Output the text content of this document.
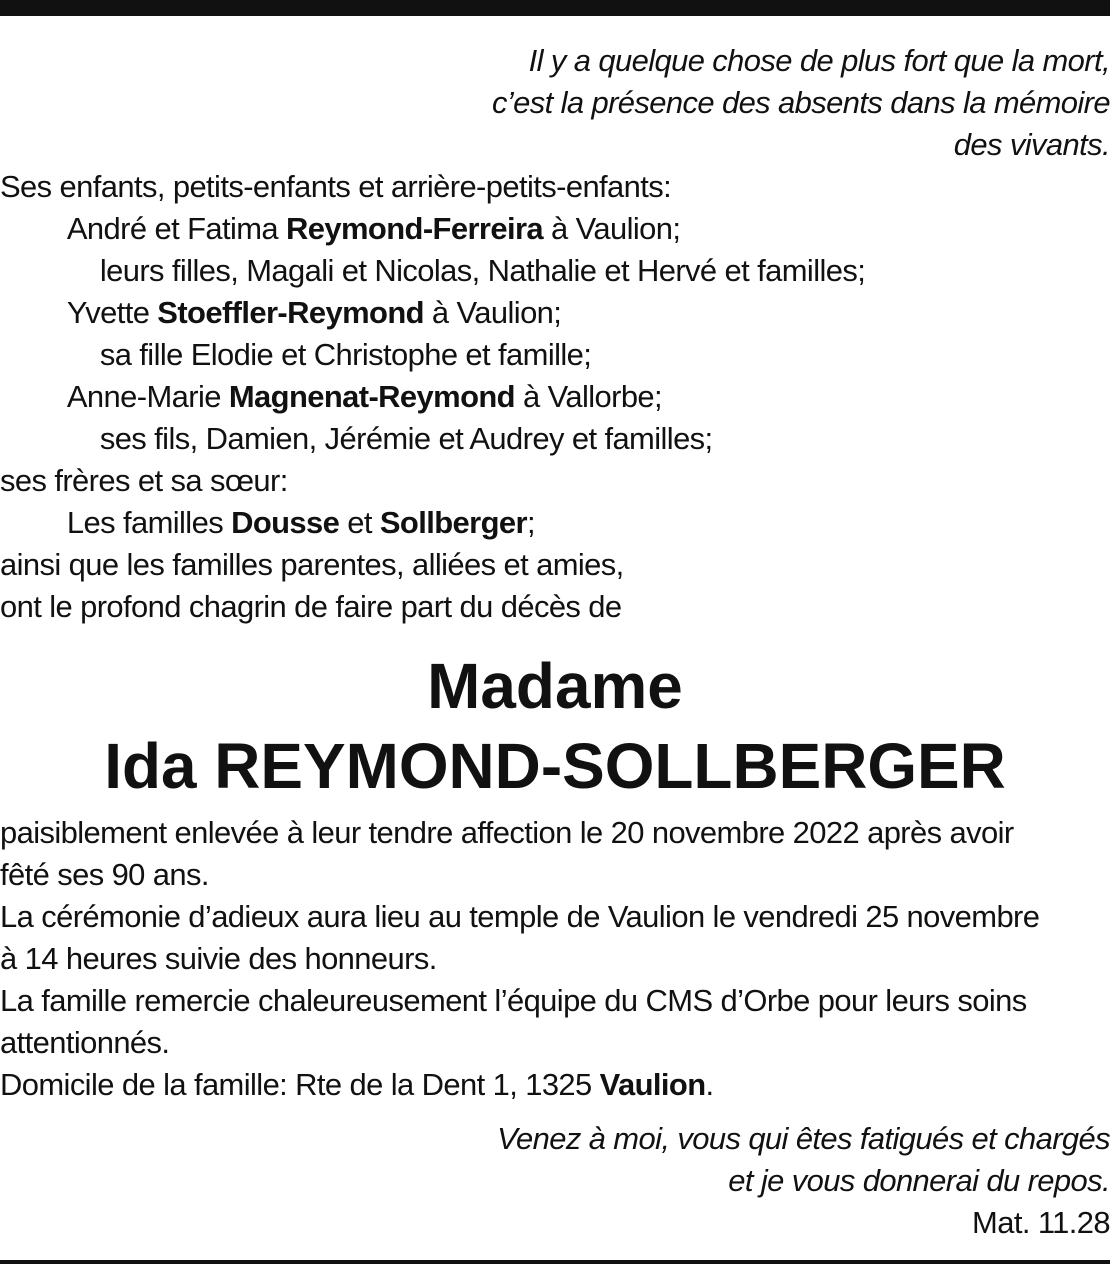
Il y a quelque chose de plus fort que la mort,
c’est la présence des absents dans la mémoire
des vivants.
Ses enfants, petits-enfants et arrière-petits-enfants:
André et Fatima Reymond-Ferreira à Vaulion;
leurs filles, Magali et Nicolas, Nathalie et Hervé et familles;
Yvette Stoeffler-Reymond à Vaulion;
sa fille Elodie et Christophe et famille;
Anne-Marie Magnenat-Reymond à Vallorbe;
ses fils, Damien, Jérémie et Audrey et familles;
ses frères et sa sœur:
Les familles Dousse et Sollberger;
ainsi que les familles parentes, alliées et amies,
ont le profond chagrin de faire part du décès de
Madame
Ida REYMOND-SOLLBERGER
paisiblement enlevée à leur tendre affection le 20 novembre 2022 après avoir
fêté ses 90 ans.
La cérémonie d’adieux aura lieu au temple de Vaulion le vendredi 25 novembre
à 14 heures suivie des honneurs.
La famille remercie chaleureusement l’équipe du CMS d’Orbe pour leurs soins
attentionnés.
Domicile de la famille: Rte de la Dent 1, 1325 Vaulion.
Venez à moi, vous qui êtes fatigués et chargés
et je vous donnerai du repos.
Mat. 11.28
